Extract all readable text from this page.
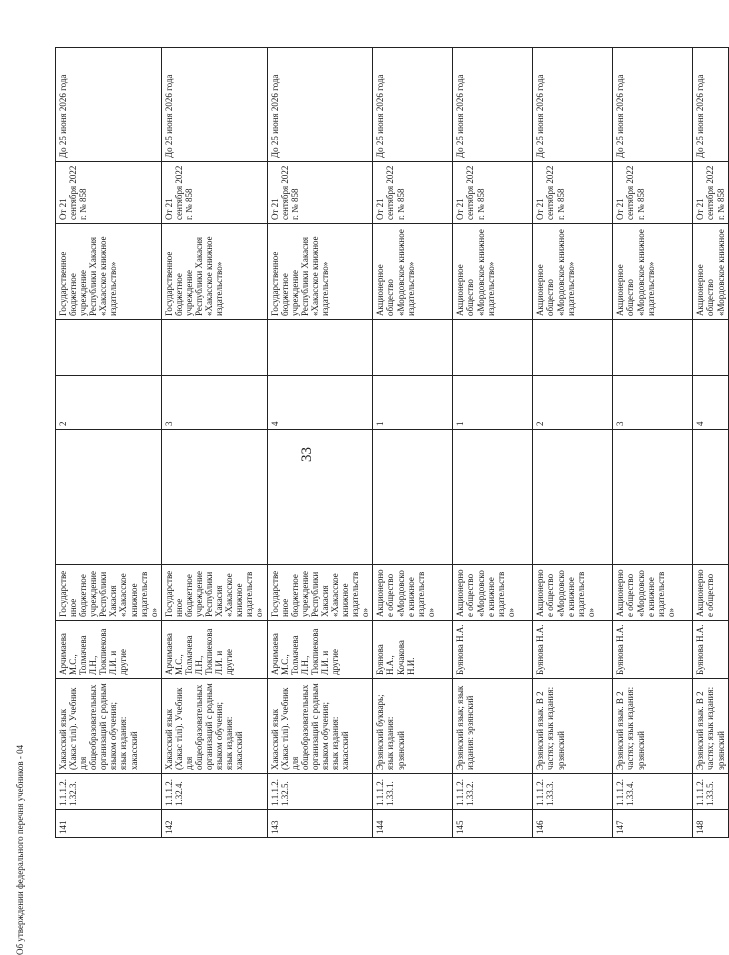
33
Об утверждении федерального перечня учебников - 04	141	1.1.1.2.1.32.3.	Хакасский язык (Хакас тілі). Учебник для общеобразовательных организаций с родным языком обучения; язык издания: хакасский	Арчимаева М.С., Толмачева Л.Н., Тюкпиекова Л.И. и другие	Государственное бюджетное учреждение Республики Хакасия «Хакасское книжное издательство»		2		Государственное бюджетное учреждение Республики Хакасия «Хакасское книжное издательство»	От 21 сентября 2022 г. № 858	До 25 июня 2026 года
142	1.1.1.2.1.32.4.	Хакасский язык (Хакас тілі). Учебник для общеобразовательных организаций с родным языком обучения; язык издания: хакасский	Арчимаева М.С., Толмачева Л.Н., Тюкпиекова Л.И. и другие	Государственное бюджетное учреждение Республики Хакасия «Хакасское книжное издательство»		3		Государственное бюджетное учреждение Республики Хакасия «Хакасское книжное издательство»	От 21 сентября 2022 г. № 858	До 25 июня 2026 года
143	1.1.1.2.1.32.5.	Хакасский язык (Хакас тілі). Учебник для общеобразовательных организаций с родным языком обучения; язык издания: хакасский	Арчимаева М.С., Толмачева Л.Н., Тюкпиекова Л.И. и другие	Государственное бюджетное учреждение Республики Хакасия «Хакасское книжное издательство»		4		Государственное бюджетное учреждение Республики Хакасия «Хакасское книжное издательство»	От 21 сентября 2022 г. № 858	До 25 июня 2026 года
144	1.1.1.2.1.33.1.	Эрзянский букварь; язык издания: эрзянский	Буянова Н.А., Кочакова Н.И.	Акционерное общество «Мордовское книжное издательство»		1		Акционерное общество «Мордовское книжное издательство»	От 21 сентября 2022 г. № 858	До 25 июня 2026 года
145	1.1.1.2.1.33.2.	Эрзянский язык; язык издания: эрзянский	Буянова Н.А.	Акционерное общество «Мордовское книжное издательство»		1		Акционерное общество «Мордовское книжное издательство»	От 21 сентября 2022 г. № 858	До 25 июня 2026 года
146	1.1.1.2.1.33.3.	Эрзянский язык. В 2 частях; язык издания: эрзянский	Буянова Н.А.	Акционерное общество «Мордовское книжное издательство»		2		Акционерное общество «Мордовское книжное издательство»	От 21 сентября 2022 г. № 858	До 25 июня 2026 года
147	1.1.1.2.1.33.4.	Эрзянский язык. В 2 частях; язык издания: эрзянский	Буянова Н.А.	Акционерное общество «Мордовское книжное издательство»		3		Акционерное общество «Мордовское книжное издательство»	От 21 сентября 2022 г. № 858	До 25 июня 2026 года
148	1.1.1.2.1.33.5.	Эрзянский язык. В 2 частях; язык издания: эрзянский	Буянова Н.А.	Акционерное общество		4		Акционерное общество «Мордовское книжное	От 21 сентября 2022 г. № 858	До 25 июня 2026 года
